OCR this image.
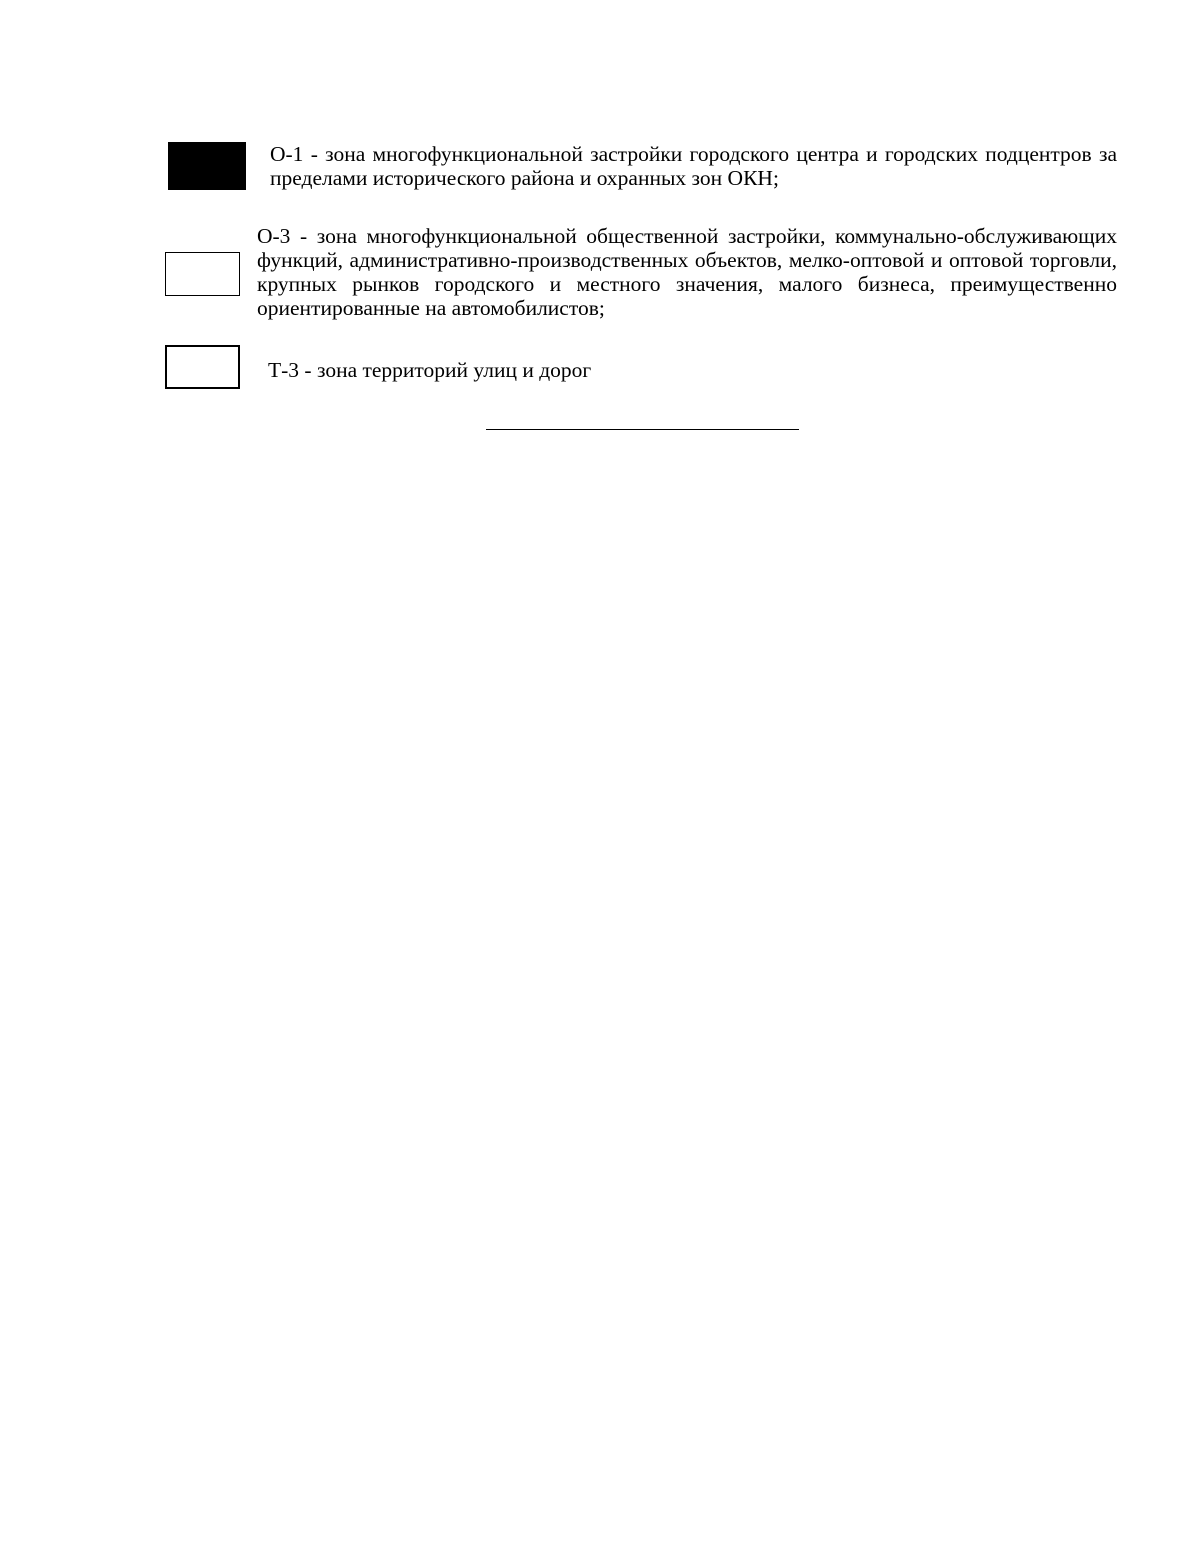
О-1 - зона многофункциональной застройки городского центра и городских подцентров за пределами исторического района и охранных зон ОКН;

О-3 - зона многофункциональной общественной застройки, коммунально-обслуживающих функций, административно-производственных объектов, мелко-оптовой и оптовой торговли, крупных рынков городского и местного значения, малого бизнеса, преимущественно ориентированные на автомобилистов;

Т-3 - зона территорий улиц и дорог
